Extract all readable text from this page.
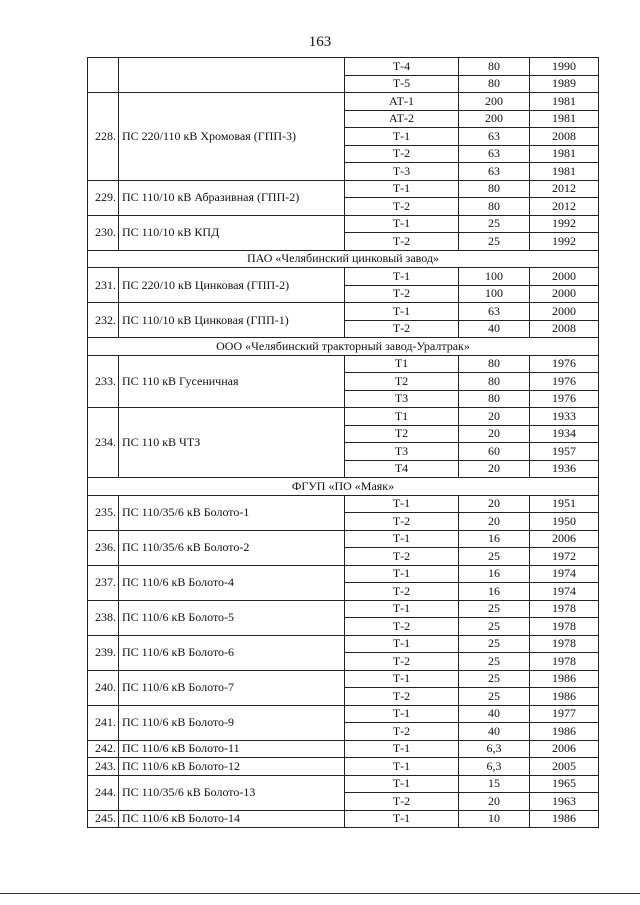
163
		Т-4	80	1990
		Т-5	80	1989
228.	ПС 220/110 кВ Хромовая (ГПП-3)	АТ-1	200	1981
		АТ-2	200	1981
		Т-1	63	2008
		Т-2	63	1981
		Т-3	63	1981
229.	ПС 110/10 кВ Абразивная (ГПП-2)	Т-1	80	2012
		Т-2	80	2012
230.	ПС 110/10 кВ КПД	Т-1	25	1992
		Т-2	25	1992
ПАО «Челябинский цинковый завод»				
231.	ПС 220/10 кВ Цинковая (ГПП-2)	Т-1	100	2000
		Т-2	100	2000
232.	ПС 110/10 кВ Цинковая (ГПП-1)	Т-1	63	2000
		Т-2	40	2008
ООО «Челябинский тракторный завод-Уралтрак»				
233.	ПС 110 кВ Гусеничная	Т1	80	1976
		Т2	80	1976
		Т3	80	1976
234.	ПС 110 кВ ЧТЗ	Т1	20	1933
		Т2	20	1934
		Т3	60	1957
		Т4	20	1936
ФГУП «ПО «Маяк»				
235.	ПС 110/35/6 кВ Болото-1	Т-1	20	1951
		Т-2	20	1950
236.	ПС 110/35/6 кВ Болото-2	Т-1	16	2006
		Т-2	25	1972
237.	ПС 110/6 кВ Болото-4	Т-1	16	1974
		Т-2	16	1974
238.	ПС 110/6 кВ Болото-5	Т-1	25	1978
		Т-2	25	1978
239.	ПС 110/6 кВ Болото-6	Т-1	25	1978
		Т-2	25	1978
240.	ПС 110/6 кВ Болото-7	Т-1	25	1986
		Т-2	25	1986
241.	ПС 110/6 кВ Болото-9	Т-1	40	1977
		Т-2	40	1986
242.	ПС 110/6 кВ Болото-11	Т-1	6,3	2006
243.	ПС 110/6 кВ Болото-12	Т-1	6,3	2005
244.	ПС 110/35/6 кВ Болото-13	Т-1	15	1965
		Т-2	20	1963
245.	ПС 110/6 кВ Болото-14	Т-1	10	1986
